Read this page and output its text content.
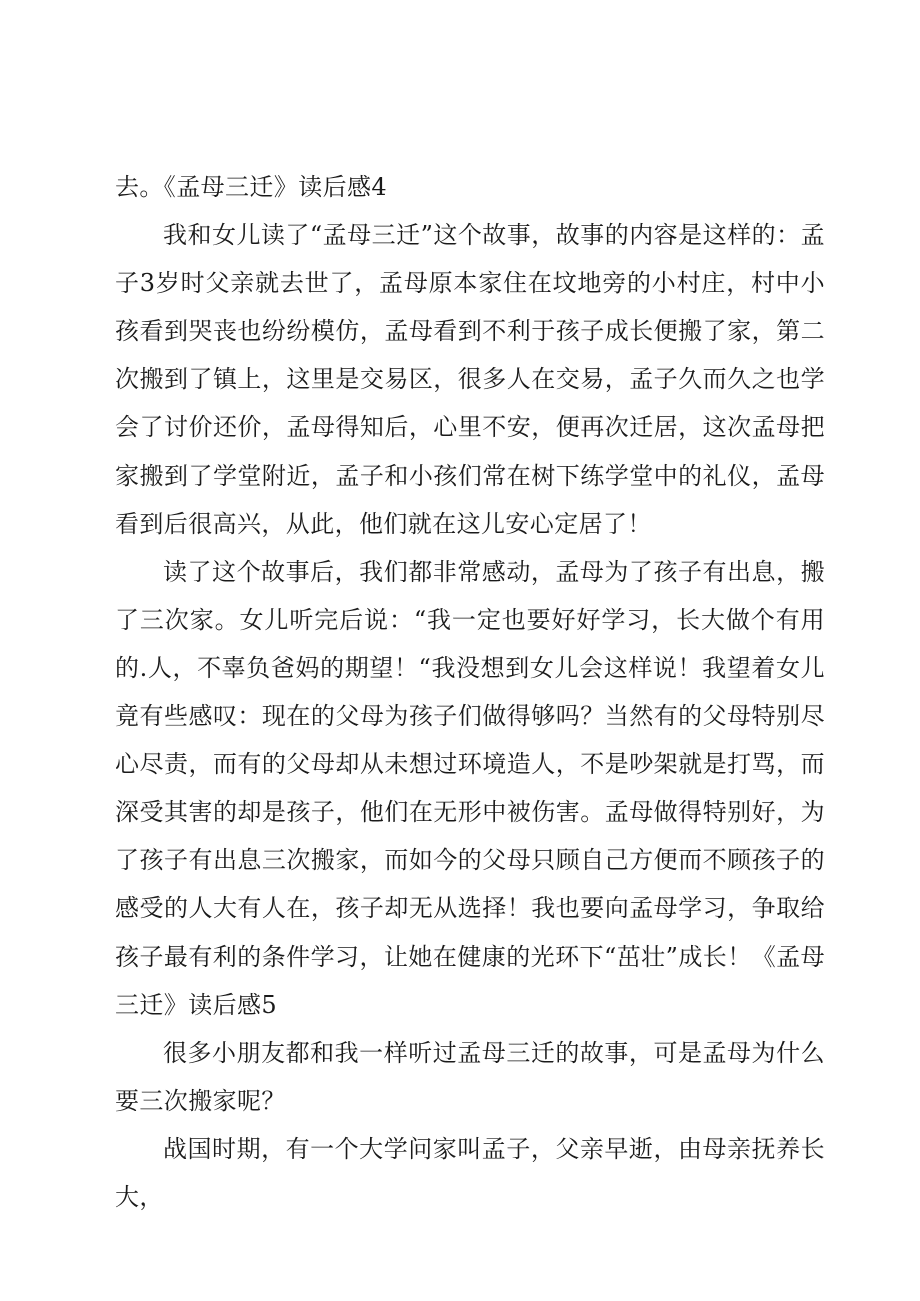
去。《孟母三迁》读后感4

我和女儿读了“孟母三迁”这个故事，故事的内容是这样的：孟子3岁时父亲就去世了，孟母原本家住在坟地旁的小村庄，村中小孩看到哭丧也纷纷模仿，孟母看到不利于孩子成长便搬了家，第二次搬到了镇上，这里是交易区，很多人在交易，孟子久而久之也学会了讨价还价，孟母得知后，心里不安，便再次迁居，这次孟母把家搬到了学堂附近，孟子和小孩们常在树下练学堂中的礼仪，孟母看到后很高兴，从此，他们就在这儿安心定居了！

读了这个故事后，我们都非常感动，孟母为了孩子有出息，搬了三次家。女儿听完后说：“我一定也要好好学习，长大做个有用的.人，不辜负爸妈的期望！“我没想到女儿会这样说！我望着女儿竟有些感叹：现在的父母为孩子们做得够吗？当然有的父母特别尽心尽责，而有的父母却从未想过环境造人，不是吵架就是打骂，而深受其害的却是孩子，他们在无形中被伤害。孟母做得特别好，为了孩子有出息三次搬家，而如今的父母只顾自己方便而不顾孩子的感受的人大有人在，孩子却无从选择！我也要向孟母学习，争取给孩子最有利的条件学习，让她在健康的光环下“茁壮”成长！《孟母三迁》读后感5

很多小朋友都和我一样听过孟母三迁的故事，可是孟母为什么要三次搬家呢？

战国时期，有一个大学问家叫孟子，父亲早逝，由母亲抚养长大，
